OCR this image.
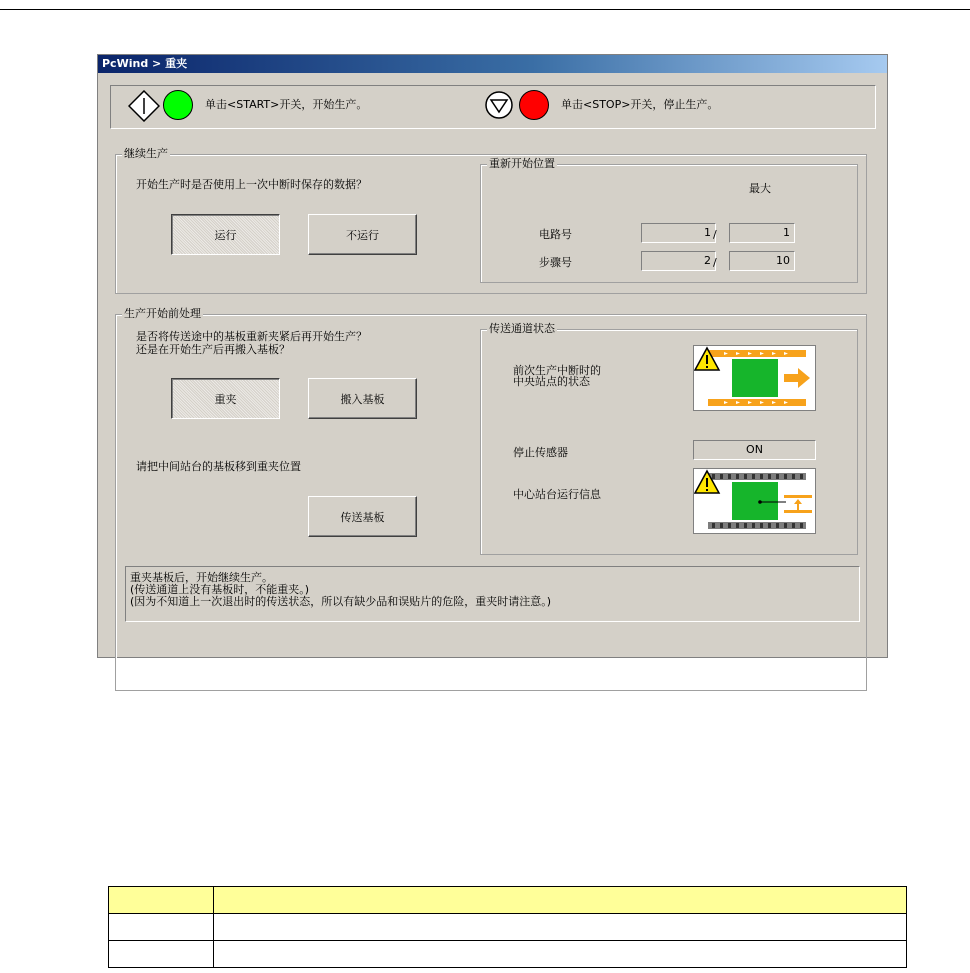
PcWind > 重夹
单击<START>开关，开始生产。	单击<STOP>开关，停止生产。
继续生产
开始生产时是否使用上一次中断时保存的数据？
运行	不运行
重新开始位置
最大
电路号	1 /	1
步骤号	2 /	10
生产开始前处理
是否将传送途中的基板重新夹紧后再开始生产？
还是在开始生产后再搬入基板？
重夹	搬入基板
请把中间站台的基板移到重夹位置
传送基板
传送通道状态
前次生产中断时的
中央站点的状态
停止传感器	ON
中心站台运行信息
重夹基板后，开始继续生产。
(传送通道上没有基板时，不能重夹。)
(因为不知道上一次退出时的传送状态，所以有缺少品和误贴片的危险，重夹时请注意。)
